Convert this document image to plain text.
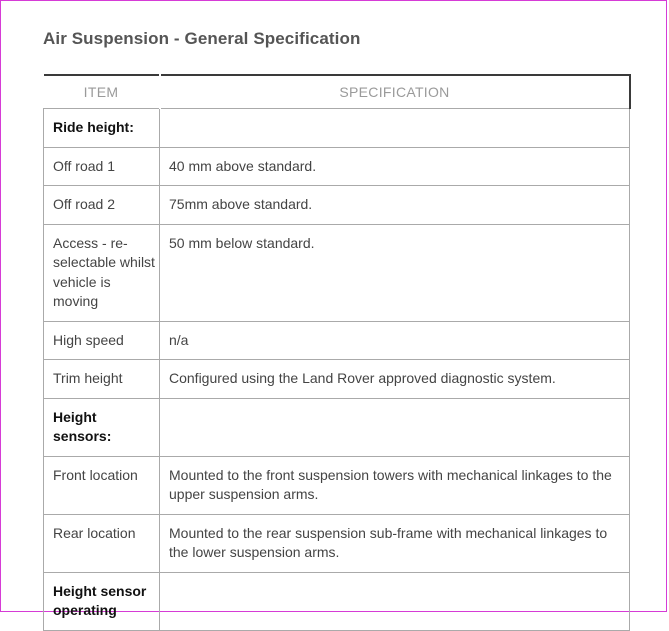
Air Suspension - General Specification
ITEM	SPECIFICATION
Ride height:	
Off road 1	40 mm above standard.
Off road 2	75mm above standard.
Access - re-selectable whilst vehicle is moving	50 mm below standard.
High speed	n/a
Trim height	Configured using the Land Rover approved diagnostic system.
Height sensors:	
Front location	Mounted to the front suspension towers with mechanical linkages to the upper suspension arms.
Rear location	Mounted to the rear suspension sub-frame with mechanical linkages to the lower suspension arms.
Height sensor operating	
